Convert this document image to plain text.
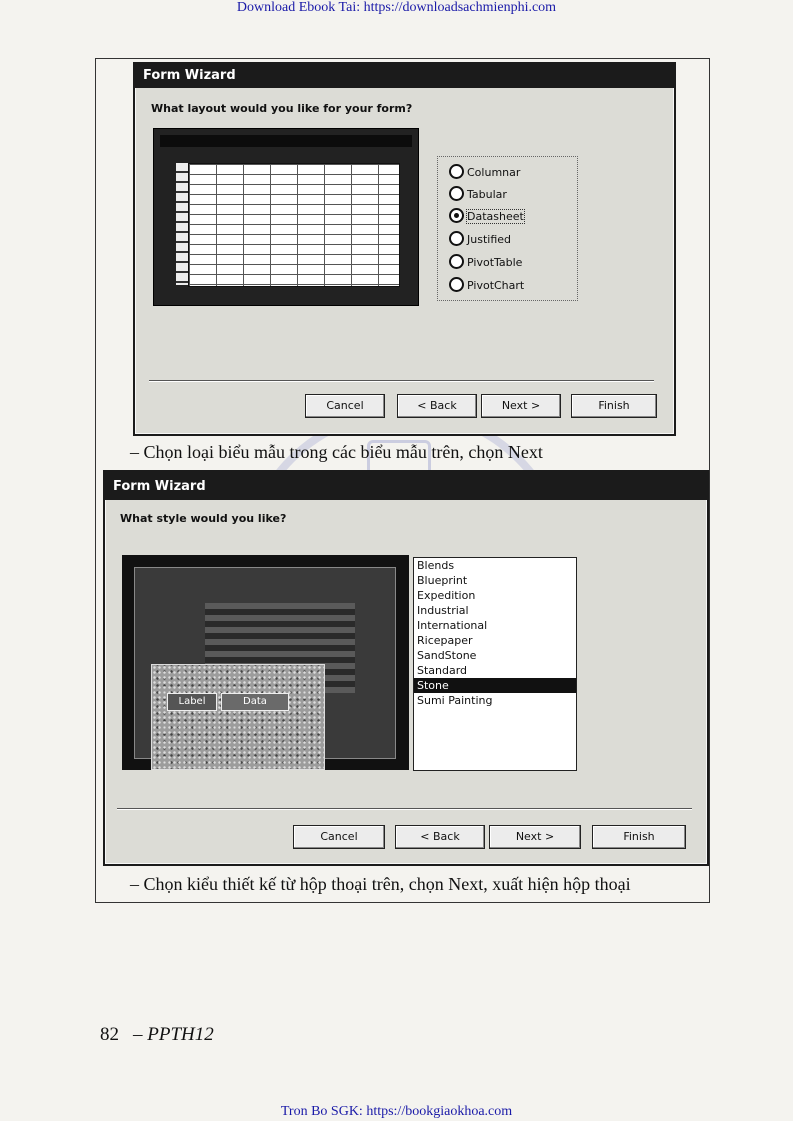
Download Ebook Tai: https://downloadsachmienphi.com
Form Wizard
What layout would you like for your form?
Columnar
Tabular
Datasheet
Justified
PivotTable
PivotChart
Cancel	< Back	Next >	Finish
– Chọn loại biểu mẫu trong các biểu mẫu trên, chọn Next
Form Wizard
What style would you like?
Label	Data
Blends
Blueprint
Expedition
Industrial
International
Ricepaper
SandStone
Standard
Stone
Sumi Painting
Cancel	< Back	Next >	Finish
– Chọn kiểu thiết kế từ hộp thoại trên, chọn Next, xuất hiện hộp thoại
82 – PPTH12
Tron Bo SGK: https://bookgiaokhoa.com
